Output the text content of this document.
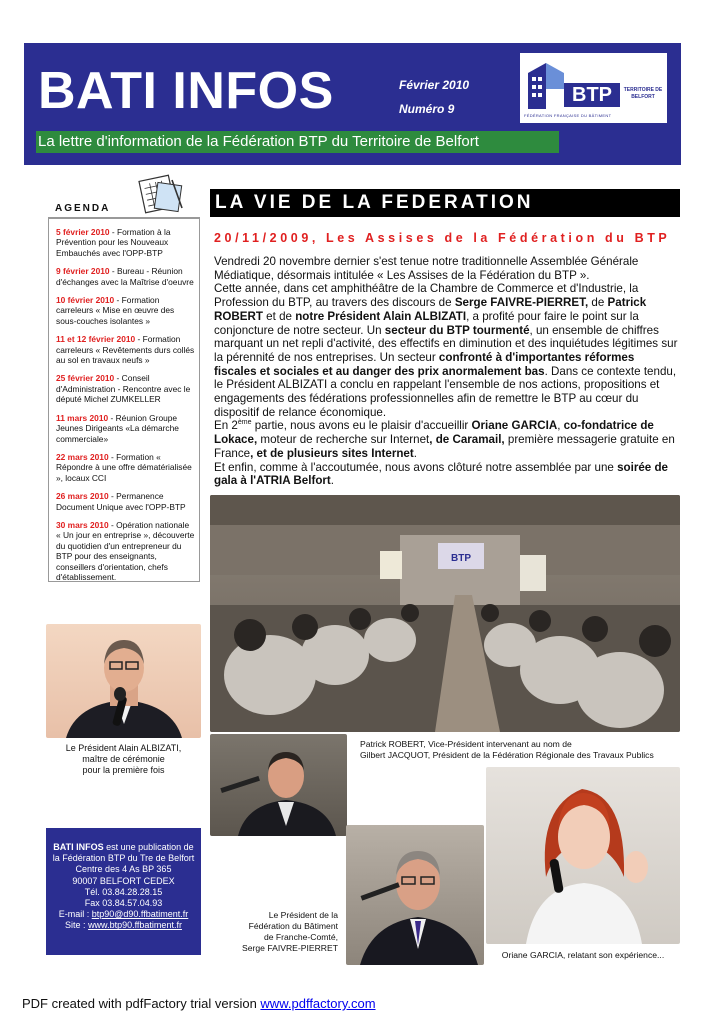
BATI INFOS	Février 2010
Numéro 9
BTP	TERRITOIRE DE BELFORT
FÉDÉRATION FRANÇAISE DU BÂTIMENT
La lettre d'information de la Fédération BTP du Territoire de Belfort
AGENDA
5 février 2010 - Formation à la Prévention pour les Nouveaux Embauchés avec l'OPP-BTP
9 février 2010 - Bureau - Réunion d'échanges avec la Maîtrise d'oeuvre
10 février 2010 - Formation carreleurs « Mise en œuvre des sous-couches isolantes »
11 et 12 février 2010 - Formation carreleurs « Revêtements durs collés au sol en travaux neufs »
25 février 2010 - Conseil d'Administration - Rencontre avec le député Michel ZUMKELLER
11 mars 2010 - Réunion Groupe Jeunes Dirigeants «La démarche commerciale»
22 mars 2010 - Formation « Répondre à une offre dématérialisée », locaux CCI
26 mars 2010 - Permanence Document Unique avec l'OPP-BTP
30 mars 2010 - Opération nationale « Un jour en entreprise », découverte du quotidien d'un entrepreneur du BTP pour des enseignants, conseillers d'orientation, chefs d'établissement.
Le Président Alain ALBIZATI,
maître de cérémonie
pour la première fois
BATI INFOS est une publication de
la Fédération BTP du Tre de Belfort
Centre des 4 As BP 365
90007 BELFORT CEDEX
Tél. 03.84.28.28.15
Fax 03.84.57.04.93
E-mail : btp90@d90.ffbatiment.fr
Site : www.btp90.ffbatiment.fr
LA VIE DE LA FEDERATION
20/11/2009, Les Assises de la Fédération du BTP

Vendredi 20 novembre dernier s'est tenue notre traditionnelle Assemblée Générale Médiatique, désormais intitulée « Les Assises de la Fédération du BTP ».

Cette année, dans cet amphithéâtre de la Chambre de Commerce et d'Industrie, la Profession du BTP, au travers des discours de Serge FAIVRE-PIERRET, de Patrick ROBERT et de notre Président Alain ALBIZATI, a profité pour faire le point sur la conjoncture de notre secteur. Un secteur du BTP tourmenté, un ensemble de chiffres marquant un net repli d'activité, des effectifs en diminution et des inquiétudes légitimes sur la pérennité de nos entreprises. Un secteur confronté à d'importantes réformes fiscales et sociales et au danger des prix anormalement bas. Dans ce contexte tendu, le Président ALBIZATI a conclu en rappelant l'ensemble de nos actions, propositions et engagements des fédérations professionnelles afin de remettre le BTP au cœur du dispositif de relance économique.

En 2ème partie, nous avons eu le plaisir d'accueillir Oriane GARCIA, co-fondatrice de Lokace, moteur de recherche sur Internet, de Caramail, première messagerie gratuite en France, et de plusieurs sites Internet.

Et enfin, comme à l'accoutumée, nous avons clôturé notre assemblée par une soirée de gala à l'ATRIA Belfort.

BTP
Patrick ROBERT, Vice-Président intervenant au nom de
Gilbert JACQUOT, Président de la Fédération Régionale des Travaux Publics
Le Président de la
Fédération du Bâtiment
de Franche-Comté,
Serge FAIVRE-PIERRET
Oriane GARCIA, relatant son expérience...
PDF created with pdfFactory trial version www.pdffactory.com
